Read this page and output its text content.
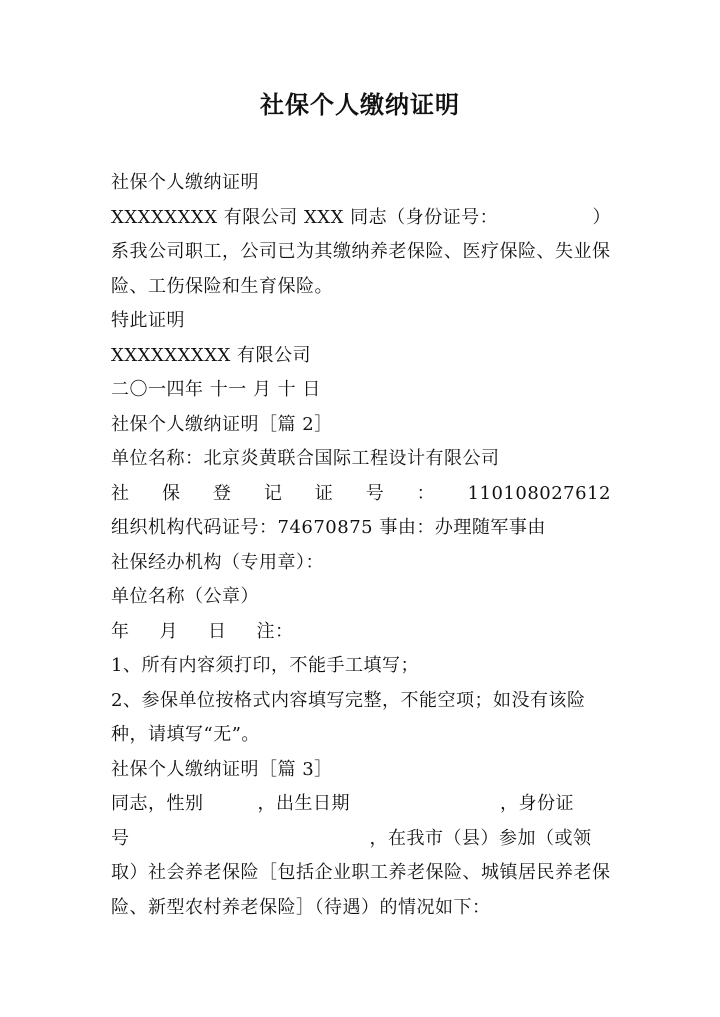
社保个人缴纳证明
社保个人缴纳证明
XXXXXXXX 有限公司 XXX 同志（身份证号：	）
系我公司职工，公司已为其缴纳养老保险、医疗保险、失业保险、工伤保险和生育保险。
特此证明
XXXXXXXXX 有限公司
二〇一四年 十一 月 十 日
社保个人缴纳证明［篇 2］
单位名称：北京炎黄联合国际工程设计有限公司
社 保 登 记 证 号 ： 110108027612
组织机构代码证号：74670875 事由：办理随军事由
社保经办机构（专用章）：
单位名称（公章）
年 月 日 注：
1、所有内容须打印，不能手工填写；
2、参保单位按格式内容填写完整，不能空项；如没有该险种，请填写“无”。
社保个人缴纳证明［篇 3］
同志，性别	，出生日期	，身份证
号	，在我市（县）参加（或领
取）社会养老保险［包括企业职工养老保险、城镇居民养老保险、新型农村养老保险］（待遇）的情况如下：
